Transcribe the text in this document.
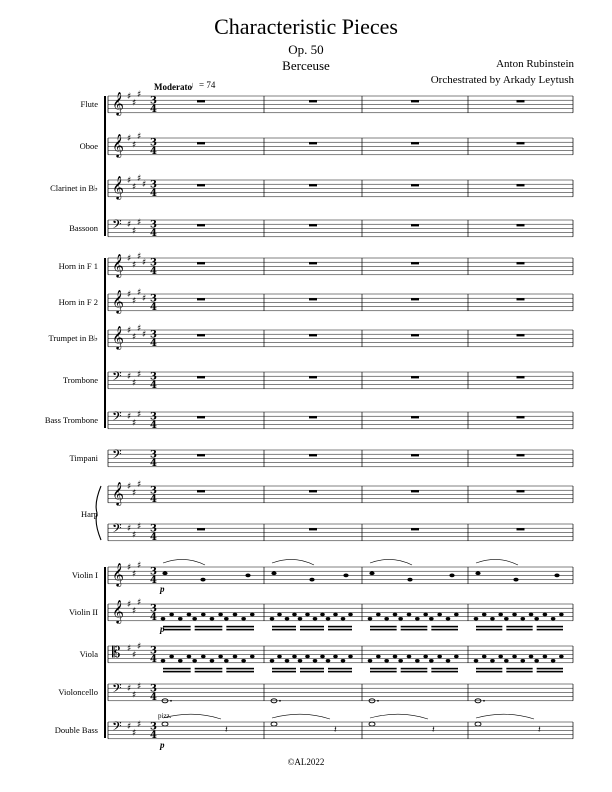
Characteristic Pieces
Op. 50
Berceuse	Anton Rubinstein
Orchestrated by Arkady Leytush
Moderato
♩= 74
Flute
Oboe
Clarinet in B♭
Bassoon
Horn in F 1
Horn in F 2
Trumpet in B♭
Trombone
Bass Trombone
Timpani
Harp
Violin I
Violin II
Viola
Violoncello
Double Bass
𝄞 ♯
♯
♯
3
4
𝄞 ♯
♯
♯
3
4
𝄞 ♯
♯
♯
♯ 3
4
𝄢 ♯
♯
♯ 3
4
𝄞 ♯
♯
♯
♯ 3
4
𝄞 ♯
♯
♯
♯ 3
4
𝄞 ♯
♯
♯
♯ 3
4
𝄢 ♯
♯
♯ 3
4
𝄢 ♯
♯
♯ 3
4
𝄢	3
4
𝄞 ♯
♯
♯
3
4
𝄢 ♯
♯
♯ 3
4
𝄞 ♯
♯
♯
3
4
𝄞 ♯
♯
♯
3
4
𝄡 ♯
♯
♯ 3
4
𝄢 ♯
♯
♯ 3
4
𝄢 ♯
♯
♯ 3
4	𝄽	𝄽	𝄽	𝄽
©AL2022
p
p
p
pizz.
